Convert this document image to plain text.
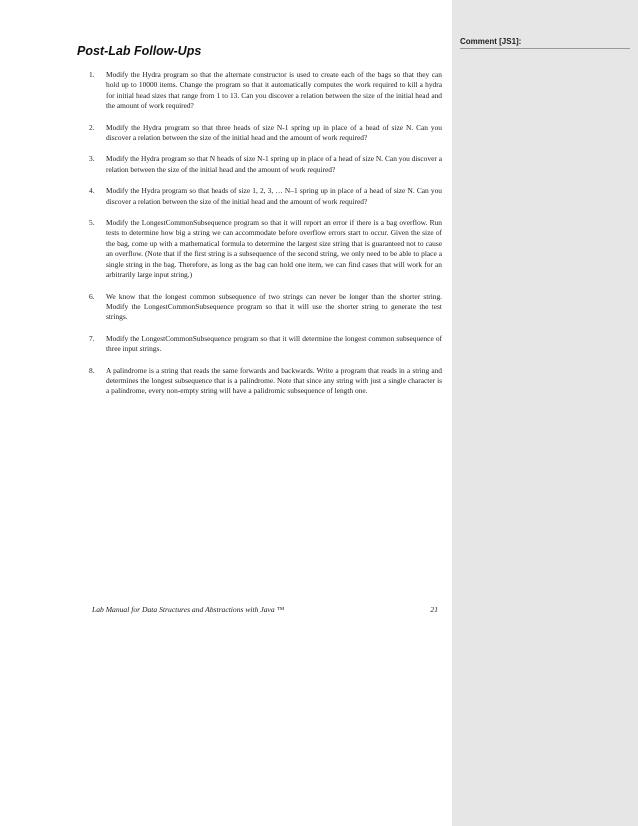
Comment [JS1]:
Post-Lab Follow-Ups
1.	Modify the Hydra program so that the alternate constructor is used to create each of the bags so that they can hold up to 10000 items. Change the program so that it automatically computes the work required to kill a hydra for initial head sizes that range from 1 to 13. Can you discover a relation between the size of the initial head and the amount of work required?
2.	Modify the Hydra program so that three heads of size N-1 spring up in place of a head of size N. Can you discover a relation between the size of the initial head and the amount of work required?
3.	Modify the Hydra program so that N heads of size N-1 spring up in place of a head of size N. Can you discover a relation between the size of the initial head and the amount of work required?
4.	Modify the Hydra program so that heads of size 1, 2, 3, … N–1 spring up in place of a head of size N. Can you discover a relation between the size of the initial head and the amount of work required?
5.	Modify the LongestCommonSubsequence program so that it will report an error if there is a bag overflow. Run tests to determine how big a string we can accommodate before overflow errors start to occur. Given the size of the bag, come up with a mathematical formula to determine the largest size string that is guaranteed not to cause an overflow. (Note that if the first string is a subsequence of the second string, we only need to be able to place a single string in the bag. Therefore, as long as the bag can hold one item, we can find cases that will work for an arbitrarily large input string.)
6.	We know that the longest common subsequence of two strings can never be longer than the shorter string. Modify the LongestCommonSubsequence program so that it will use the shorter string to generate the test strings.
7.	Modify the LongestCommonSubsequence program so that it will determine the longest common subsequence of three input strings.
8.	A palindrome is a string that reads the same forwards and backwards. Write a program that reads in a string and determines the longest subsequence that is a palindrome. Note that since any string with just a single character is a palindrome, every non-empty string will have a palidromic subsequence of length one.
Lab Manual for Data Structures and Abstractions with Java ™	21
